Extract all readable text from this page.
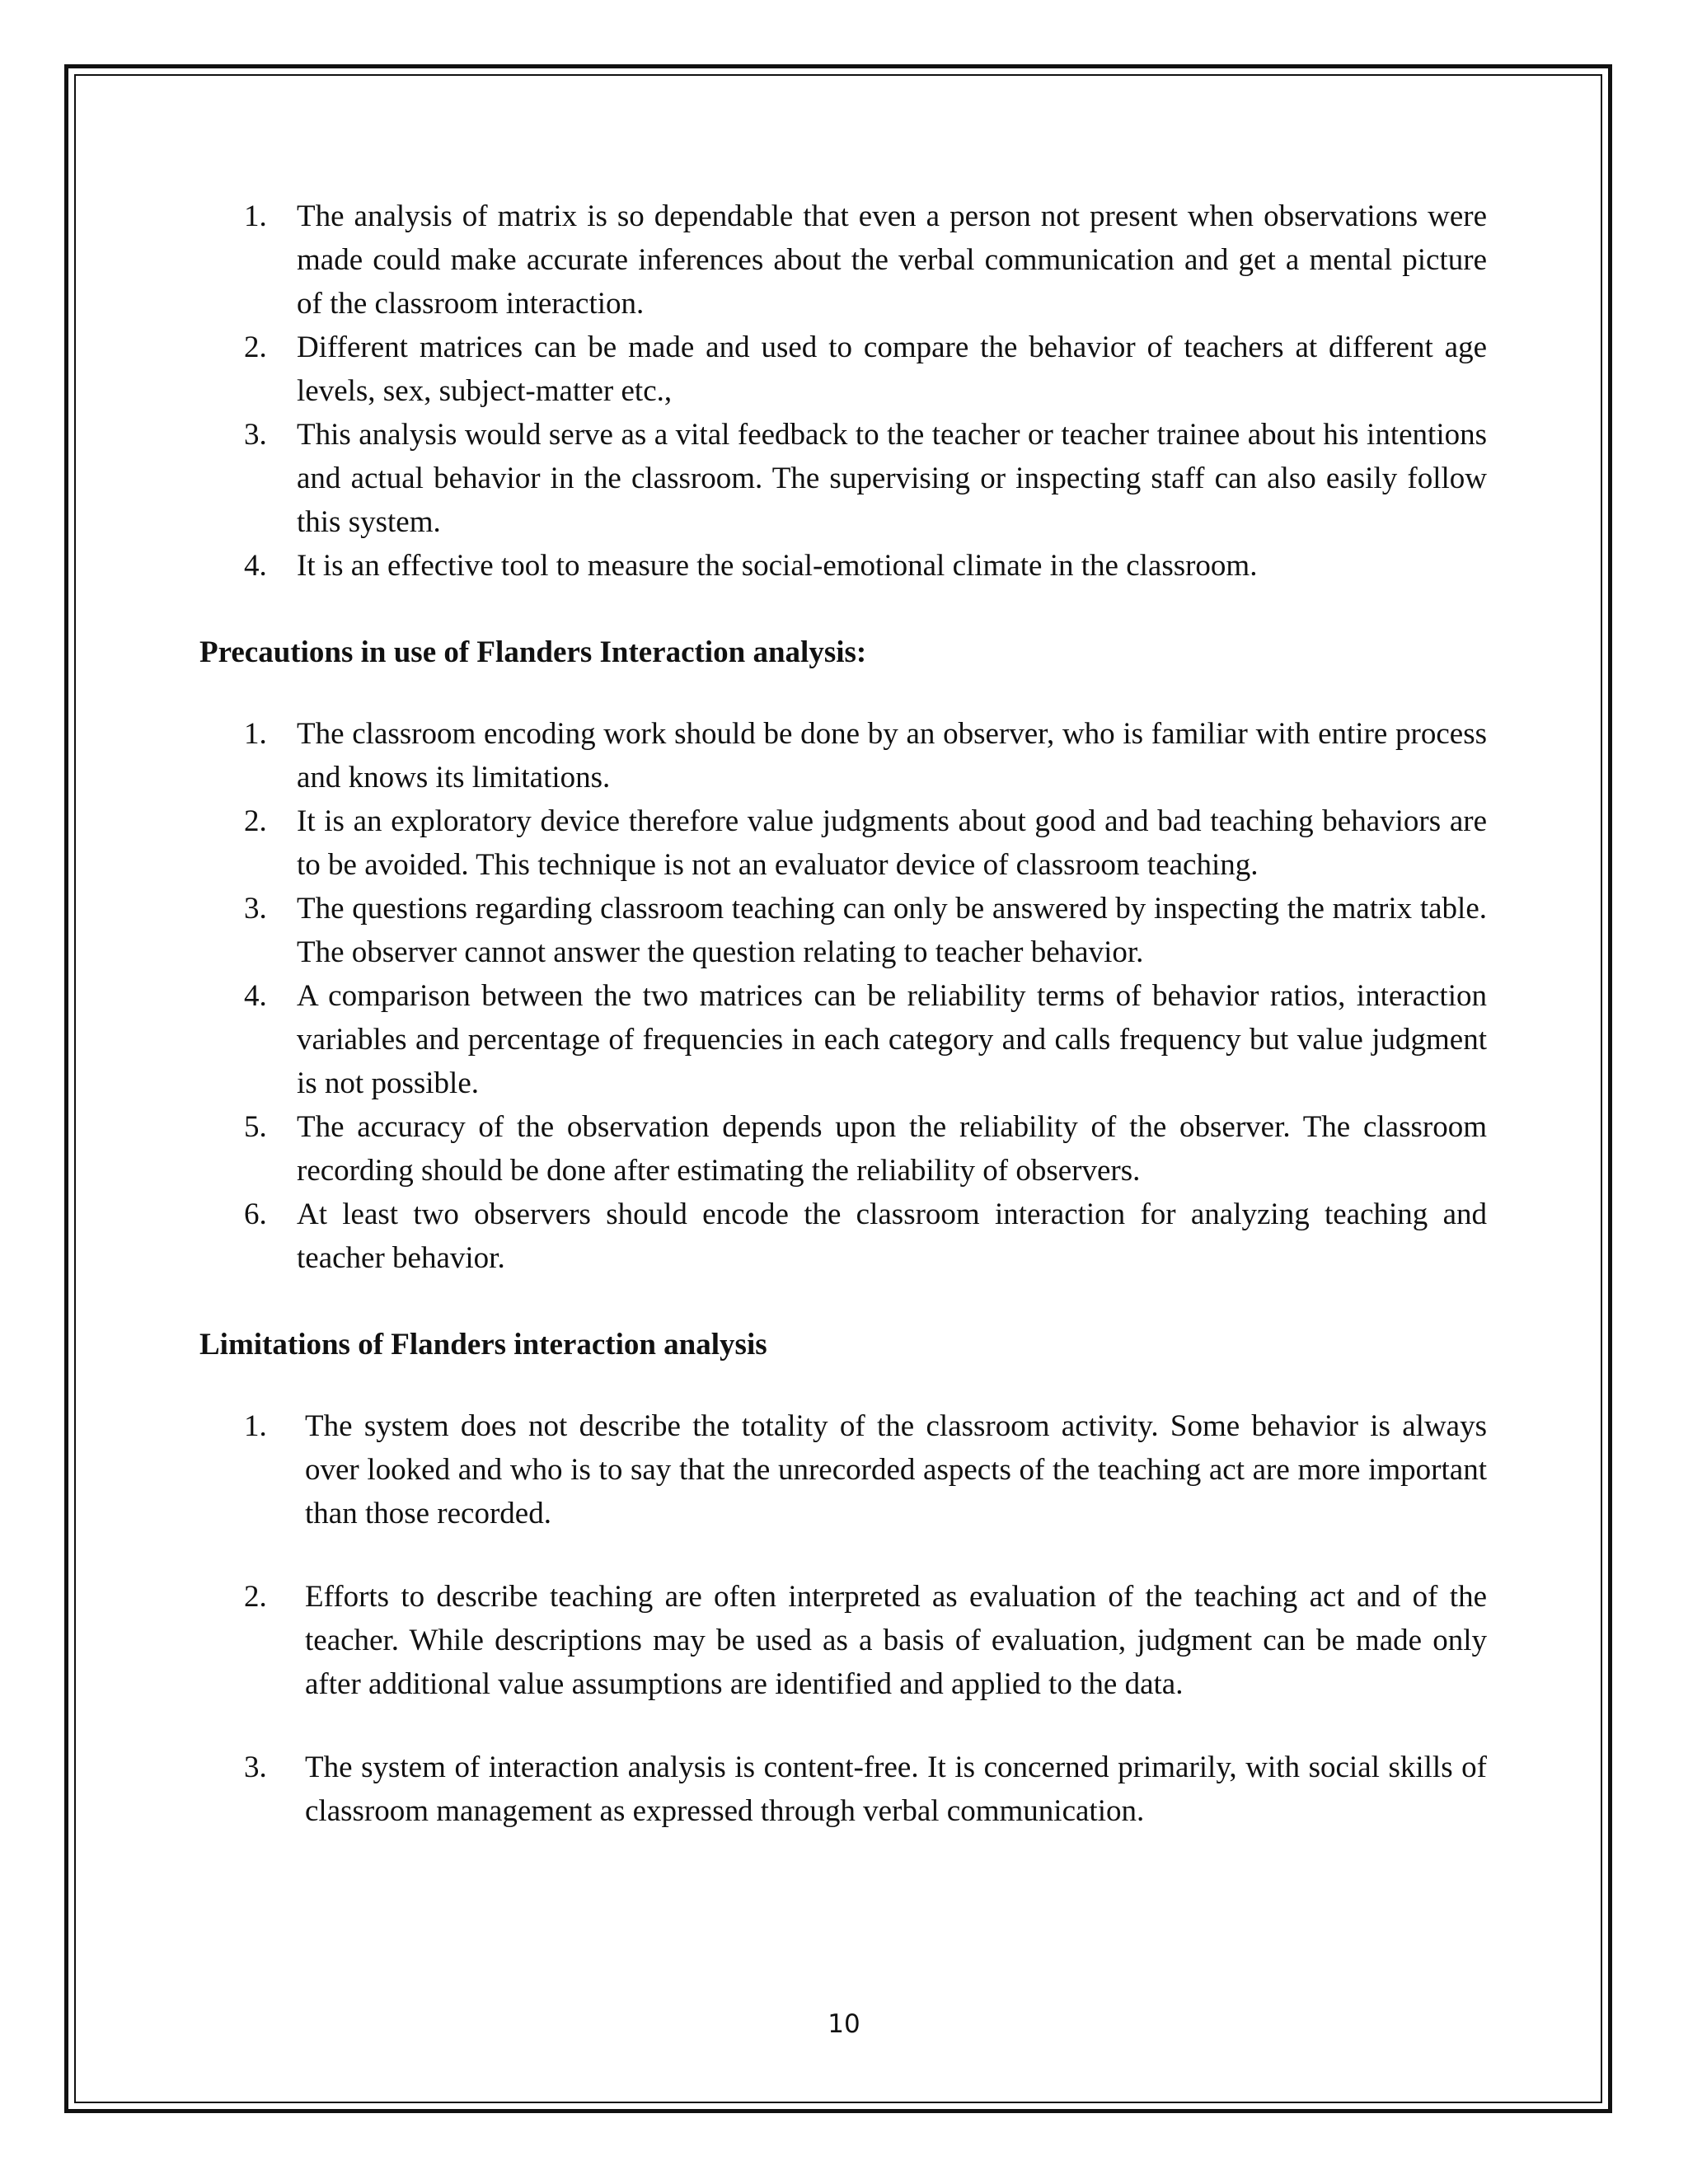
1. The analysis of matrix is so dependable that even a person not present when observations were made could make accurate inferences about the verbal communication and get a mental picture of the classroom interaction.
2. Different matrices can be made and used to compare the behavior of teachers at different age levels, sex, subject-matter etc.,
3. This analysis would serve as a vital feedback to the teacher or teacher trainee about his intentions and actual behavior in the classroom. The supervising or inspecting staff can also easily follow this system.
4. It is an effective tool to measure the social-emotional climate in the classroom.

Precautions in use of Flanders Interaction analysis:

1. The classroom encoding work should be done by an observer, who is familiar with entire process and knows its limitations.
2. It is an exploratory device therefore value judgments about good and bad teaching behaviors are to be avoided. This technique is not an evaluator device of classroom teaching.
3. The questions regarding classroom teaching can only be answered by inspecting the matrix table. The observer cannot answer the question relating to teacher behavior.
4. A comparison between the two matrices can be reliability terms of behavior ratios, interaction variables and percentage of frequencies in each category and calls frequency but value judgment is not possible.
5. The accuracy of the observation depends upon the reliability of the observer. The classroom recording should be done after estimating the reliability of observers.
6. At least two observers should encode the classroom interaction for analyzing teaching and teacher behavior.

Limitations of Flanders interaction analysis

1. The system does not describe the totality of the classroom activity. Some behavior is always over looked and who is to say that the unrecorded aspects of the teaching act are more important than those recorded.
2. Efforts to describe teaching are often interpreted as evaluation of the teaching act and of the teacher. While descriptions may be used as a basis of evaluation, judgment can be made only after additional value assumptions are identified and applied to the data.
3. The system of interaction analysis is content-free. It is concerned primarily, with social skills of classroom management as expressed through verbal communication.
10
